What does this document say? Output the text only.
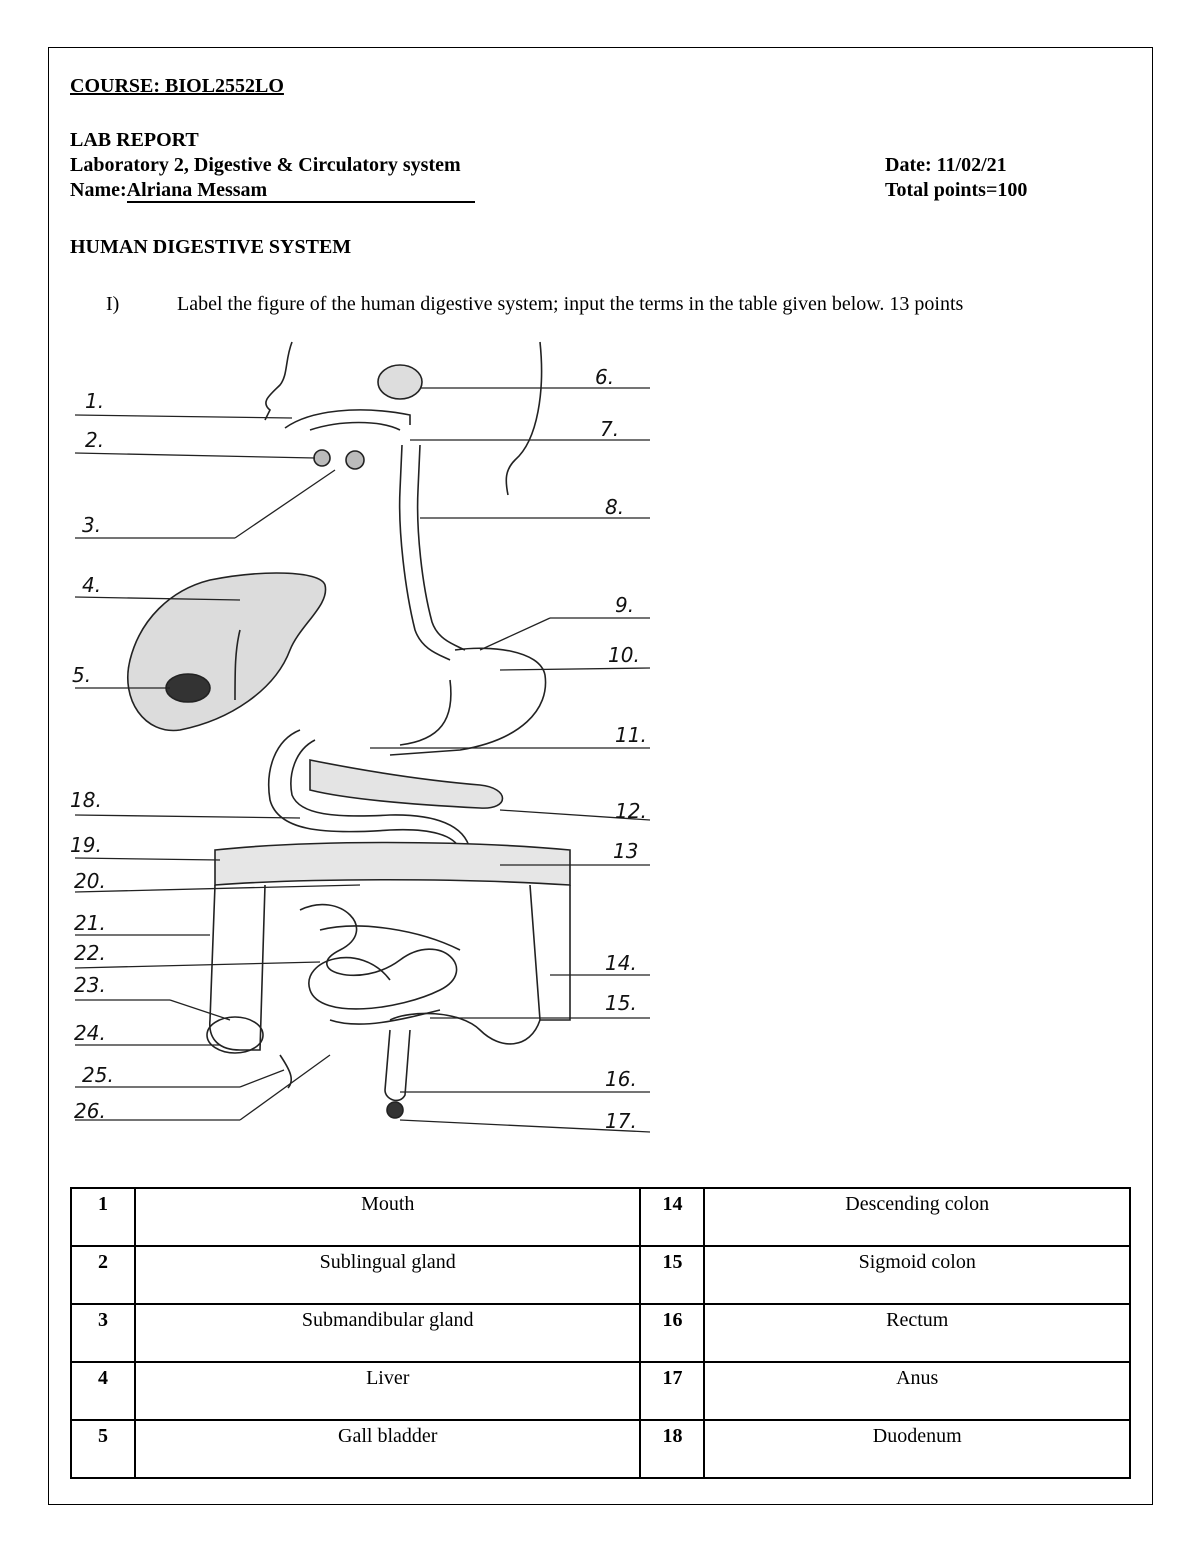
COURSE: BIOL2552LO
LAB REPORT
Laboratory 2, Digestive & Circulatory system
Name:Alriana Messam
Date: 11/02/21
Total points=100
HUMAN DIGESTIVE SYSTEM
I)	Label the figure of the human digestive system; input the terms in the table given below. 13 points
1.
2.
3.
4.
5.
18.
19.
20.
21.
22.
23.
24.
25.
26.
6.
7.
8.
9.
10.
11.
12.
13
14.
15.
16.
17.
1	Mouth	14	Descending colon
2	Sublingual gland	15	Sigmoid colon
3	Submandibular gland	16	Rectum
4	Liver	17	Anus
5	Gall bladder	18	Duodenum
